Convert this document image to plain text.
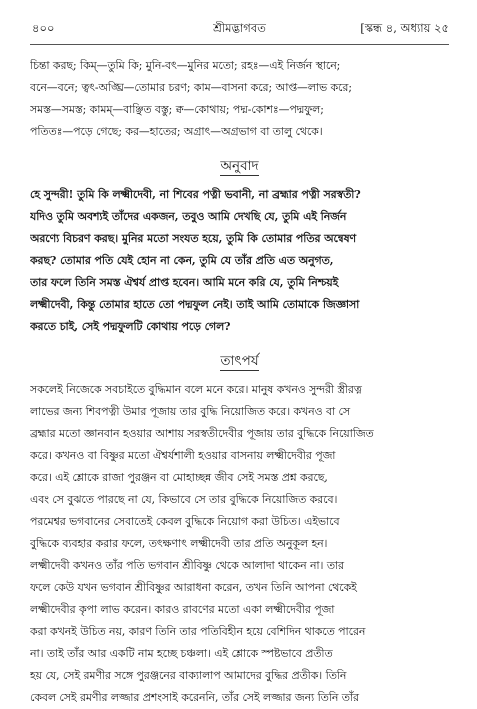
৪০০	শ্রীমদ্ভাগবত	[স্কন্ধ ৪, অধ্যায় ২৫
চিন্তা করছ; কিম্—তুমি কি; মুনি-বৎ—মুনির মতো; রহঃ—এই নির্জন স্থানে;
বনে—বনে; ত্বৎ-অঙ্ঘ্রি—তোমার চরণ; কাম—বাসনা করে; আপ্ত—লাভ করে;
সমস্ত—সমস্ত; কামম্—বাঞ্ছিত বস্তু; ক্ব—কোথায়; পদ্ম-কোশঃ—পদ্মফুল;
পতিতঃ—পড়ে গেছে; কর—হাতের; অগ্রাৎ—অগ্রভাগ বা তালু থেকে।
অনুবাদ
হে সুন্দরী! তুমি কি লক্ষ্মীদেবী, না শিবের পত্নী ভবানী, না ব্রহ্মার পত্নী সরস্বতী?
যদিও তুমি অবশ্যই তাঁদের একজন, তবুও আমি দেখছি যে, তুমি এই নির্জন
অরণ্যে বিচরণ করছ। মুনির মতো সংযত হয়ে, তুমি কি তোমার পতির অন্বেষণ
করছ? তোমার পতি যেই হোন না কেন, তুমি যে তাঁর প্রতি এত অনুগত,
তার ফলে তিনি সমস্ত ঐশ্বর্য প্রাপ্ত হবেন। আমি মনে করি যে, তুমি নিশ্চয়ই
লক্ষ্মীদেবী, কিন্তু তোমার হাতে তো পদ্মফুল নেই। তাই আমি তোমাকে জিজ্ঞাসা
করতে চাই, সেই পদ্মফুলটি কোথায় পড়ে গেল?
তাৎপর্য
সকলেই নিজেকে সবচাইতে বুদ্ধিমান বলে মনে করে। মানুষ কখনও সুন্দরী স্ত্রীরত্ন
লাভের জন্য শিবপত্নী উমার পূজায় তার বুদ্ধি নিয়োজিত করে। কখনও বা সে
ব্রহ্মার মতো জ্ঞানবান হওয়ার আশায় সরস্বতীদেবীর পূজায় তার বুদ্ধিকে নিয়োজিত
করে। কখনও বা বিষ্ণুর মতো ঐশ্বর্যশালী হওয়ার বাসনায় লক্ষ্মীদেবীর পূজা
করে। এই শ্লোকে রাজা পুরঞ্জন বা মোহাচ্ছন্ন জীব সেই সমস্ত প্রশ্ন করছে,
এবং সে বুঝতে পারছে না যে, কিভাবে সে তার বুদ্ধিকে নিয়োজিত করবে।
পরমেশ্বর ভগবানের সেবাতেই কেবল বুদ্ধিকে নিয়োগ করা উচিত। এইভাবে
বুদ্ধিকে ব্যবহার করার ফলে, তৎক্ষণাৎ লক্ষ্মীদেবী তার প্রতি অনুকূল হন।
লক্ষ্মীদেবী কখনও তাঁর পতি ভগবান শ্রীবিষ্ণু থেকে আলাদা থাকেন না। তার
ফলে কেউ যখন ভগবান শ্রীবিষ্ণুর আরাধনা করেন, তখন তিনি আপনা থেকেই
লক্ষ্মীদেবীর কৃপা লাভ করেন। কারও রাবণের মতো একা লক্ষ্মীদেবীর পূজা
করা কখনই উচিত নয়, কারণ তিনি তার পতিবিহীন হয়ে বেশিদিন থাকতে পারেন
না। তাই তাঁর আর একটি নাম হচ্ছে চঞ্চলা। এই শ্লোকে স্পষ্টভাবে প্রতীত
হয় যে, সেই রমণীর সঙ্গে পুরঞ্জনের বাক্যালাপ আমাদের বুদ্ধির প্রতীক। তিনি
কেবল সেই রমণীর লজ্জার প্রশংসাই করেননি, তাঁর সেই লজ্জার জন্য তিনি তাঁর
